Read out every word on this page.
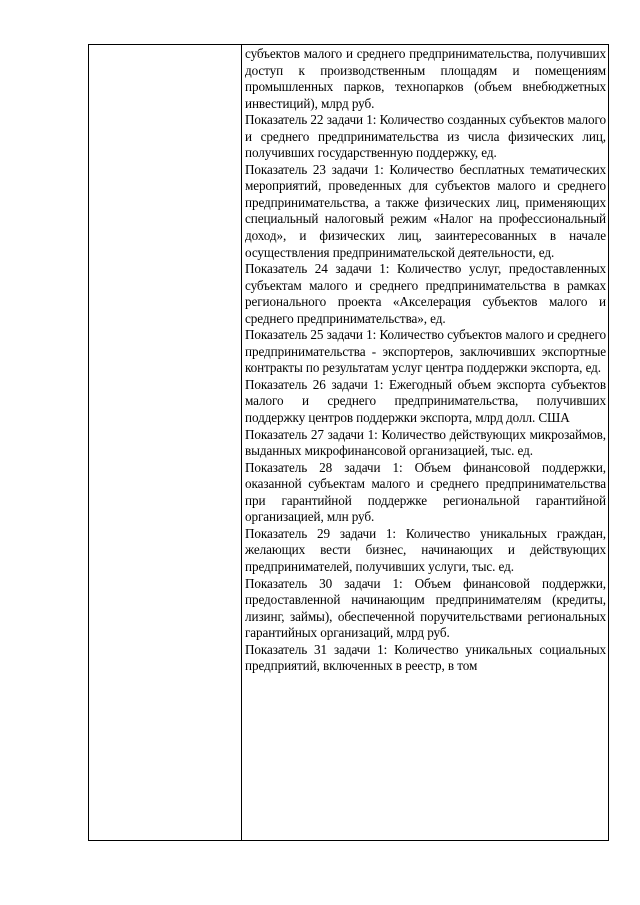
субъектов малого и среднего предпринимательства, получивших доступ к производственным площадям и помещениям промышленных парков, технопарков (объем внебюджетных инвестиций), млрд руб.

Показатель 22 задачи 1: Количество созданных субъектов малого и среднего предпринимательства из числа физических лиц, получивших государственную поддержку, ед.

Показатель 23 задачи 1: Количество бесплатных тематических мероприятий, проведенных для субъектов малого и среднего предпринимательства, а также физических лиц, применяющих специальный налоговый режим «Налог на профессиональный доход», и физических лиц, заинтересованных в начале осуществления предпринимательской деятельности, ед.

Показатель 24 задачи 1: Количество услуг, предоставленных субъектам малого и среднего предпринимательства в рамках регионального проекта «Акселерация субъектов малого и среднего предпринимательства», ед.

Показатель 25 задачи 1: Количество субъектов малого и среднего предпринимательства - экспортеров, заключивших экспортные контракты по результатам услуг центра поддержки экспорта, ед.

Показатель 26 задачи 1: Ежегодный объем экспорта субъектов малого и среднего предпринимательства, получивших поддержку центров поддержки экспорта, млрд долл. США

Показатель 27 задачи 1: Количество действующих микрозаймов, выданных микрофинансовой организацией, тыс. ед.

Показатель 28 задачи 1: Объем финансовой поддержки, оказанной субъектам малого и среднего предпринимательства при гарантийной поддержке региональной гарантийной организацией, млн руб.

Показатель 29 задачи 1: Количество уникальных граждан, желающих вести бизнес, начинающих и действующих предпринимателей, получивших услуги, тыс. ед.

Показатель 30 задачи 1: Объем финансовой поддержки, предоставленной начинающим предпринимателям (кредиты, лизинг, займы), обеспеченной поручительствами региональных гарантийных организаций, млрд руб.

Показатель 31 задачи 1: Количество уникальных социальных предприятий, включенных в реестр, в том
